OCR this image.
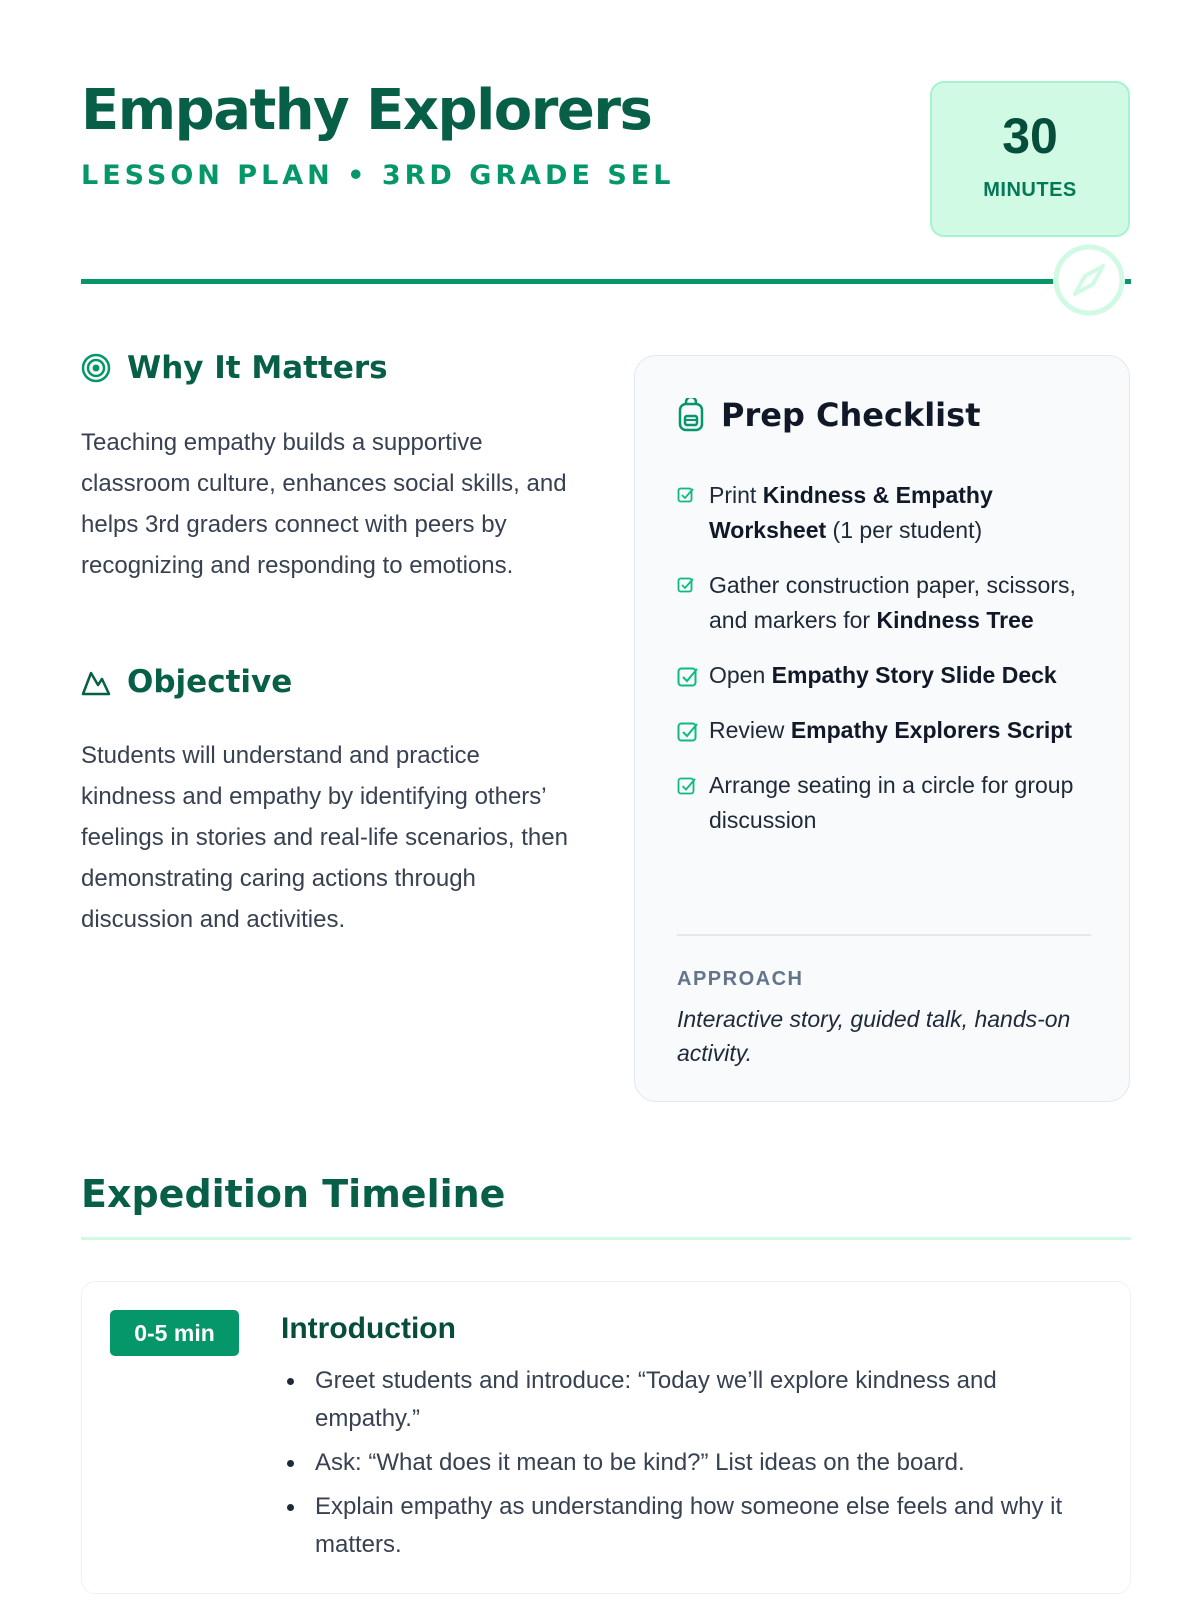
Empathy Explorers
LESSON PLAN • 3RD GRADE SEL
30
MINUTES
Why It Matters

Teaching empathy builds a supportive classroom culture, enhances social skills, and helps 3rd graders connect with peers by recognizing and responding to emotions.

Objective

Students will understand and practice kindness and empathy by identifying others’ feelings in stories and real-life scenarios, then demonstrating caring actions through discussion and activities.

Prep Checklist
Print Kindness & Empathy Worksheet (1 per student)
Gather construction paper, scissors, and markers for Kindness Tree
Open Empathy Story Slide Deck
Review Empathy Explorers Script
Arrange seating in a circle for group discussion
APPROACH
Interactive story, guided talk, hands-on activity.
Expedition Timeline
0-5 min	Introduction
Greet students and introduce: “Today we’ll explore kindness and empathy.”
Ask: “What does it mean to be kind?” List ideas on the board.
Explain empathy as understanding how someone else feels and why it matters.
